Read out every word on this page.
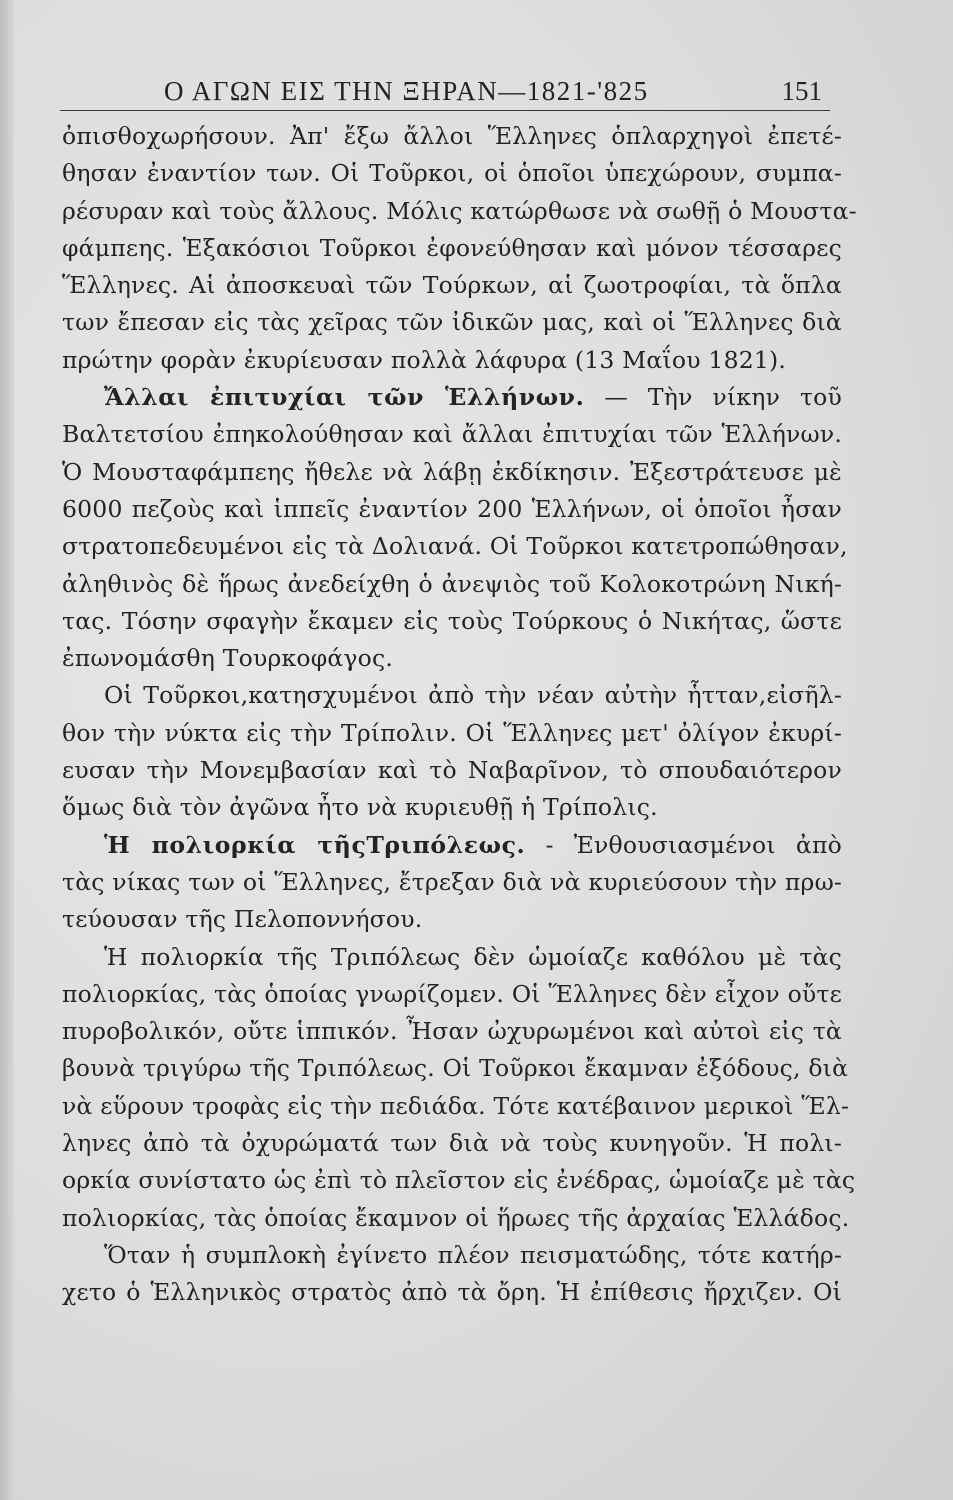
Ο ΑΓΩΝ ΕΙΣ ΤΗΝ ΞΗΡΑΝ—1821-'825	151
ὀπισθοχωρήσουν. Ἀπ' ἔξω ἄλλοι Ἕλληνες ὁπλαρχηγοὶ ἐπετέ-
θησαν ἐναντίον των. Οἱ Τοῦρκοι, οἱ ὁποῖοι ὑπεχώρουν, συμπα-
ρέσυραν καὶ τοὺς ἄλλους. Μόλις κατώρθωσε νὰ σωθῇ ὁ Μουστα-
φάμπεης. Ἑξακόσιοι Τοῦρκοι ἐφονεύθησαν καὶ μόνον τέσσαρες
Ἕλληνες. Αἱ ἀποσκευαὶ τῶν Τούρκων, αἱ ζωοτροφίαι, τὰ ὅπλα
των ἔπεσαν εἰς τὰς χεῖρας τῶν ἰδικῶν μας, καὶ οἱ Ἕλληνες διὰ
πρώτην φορὰν ἐκυρίευσαν πολλὰ λάφυρα (13 Μαΐου 1821).
Ἄλλαι ἐπιτυχίαι τῶν Ἑλλήνων. — Τὴν νίκην τοῦ
Βαλτετσίου ἐπηκολούθησαν καὶ ἄλλαι ἐπιτυχίαι τῶν Ἑλλήνων.
Ὁ Μουσταφάμπεης ἤθελε νὰ λάβῃ ἐκδίκησιν. Ἐξεστράτευσε μὲ
6000 πεζοὺς καὶ ἱππεῖς ἐναντίον 200 Ἑλλήνων, οἱ ὁποῖοι ἦσαν
στρατοπεδευμένοι εἰς τὰ Δολιανά. Οἱ Τοῦρκοι κατετροπώθησαν,
ἀληθινὸς δὲ ἥρως ἀνεδείχθη ὁ ἀνεψιὸς τοῦ Κολοκοτρώνη Νική-
τας. Τόσην σφαγὴν ἔκαμεν εἰς τοὺς Τούρκους ὁ Νικήτας, ὥστε
ἐπωνομάσθη Τουρκοφάγος.
Οἱ Τοῦρκοι,κατησχυμένοι ἀπὸ τὴν νέαν αὐτὴν ἧτταν,εἰσῆλ-
θον τὴν νύκτα εἰς τὴν Τρίπολιν. Οἱ Ἕλληνες μετ' ὀλίγον ἐκυρί-
ευσαν τὴν Μονεμβασίαν καὶ τὸ Ναβαρῖνον, τὸ σπουδαιότερον
ὅμως διὰ τὸν ἀγῶνα ἦτο νὰ κυριευθῇ ἡ Τρίπολις.
Ἡ πολιορκία τῆςΤριπόλεως. - Ἐνθουσιασμένοι ἀπὸ
τὰς νίκας των οἱ Ἕλληνες, ἔτρεξαν διὰ νὰ κυριεύσουν τὴν πρω-
τεύουσαν τῆς Πελοποννήσου.
Ἡ πολιορκία τῆς Τριπόλεως δὲν ὡμοίαζε καθόλου μὲ τὰς
πολιορκίας, τὰς ὁποίας γνωρίζομεν. Οἱ Ἕλληνες δὲν εἶχον οὔτε
πυροβολικόν, οὔτε ἱππικόν. Ἦσαν ὠχυρωμένοι καὶ αὐτοὶ εἰς τὰ
βουνὰ τριγύρω τῆς Τριπόλεως. Οἱ Τοῦρκοι ἔκαμναν ἐξόδους, διὰ
νὰ εὕρουν τροφὰς εἰς τὴν πεδιάδα. Τότε κατέβαινον μερικοὶ Ἕλ-
ληνες ἀπὸ τὰ ὀχυρώματά των διὰ νὰ τοὺς κυνηγοῦν. Ἡ πολι-
ορκία συνίστατο ὡς ἐπὶ τὸ πλεῖστον εἰς ἐνέδρας, ὡμοίαζε μὲ τὰς
πολιορκίας, τὰς ὁποίας ἔκαμνον οἱ ἥρωες τῆς ἀρχαίας Ἑλλάδος.
Ὅταν ἡ συμπλοκὴ ἐγίνετο πλέον πεισματώδης, τότε κατήρ-
χετο ὁ Ἑλληνικὸς στρατὸς ἀπὸ τὰ ὄρη. Ἡ ἐπίθεσις ἤρχιζεν. Οἱ
